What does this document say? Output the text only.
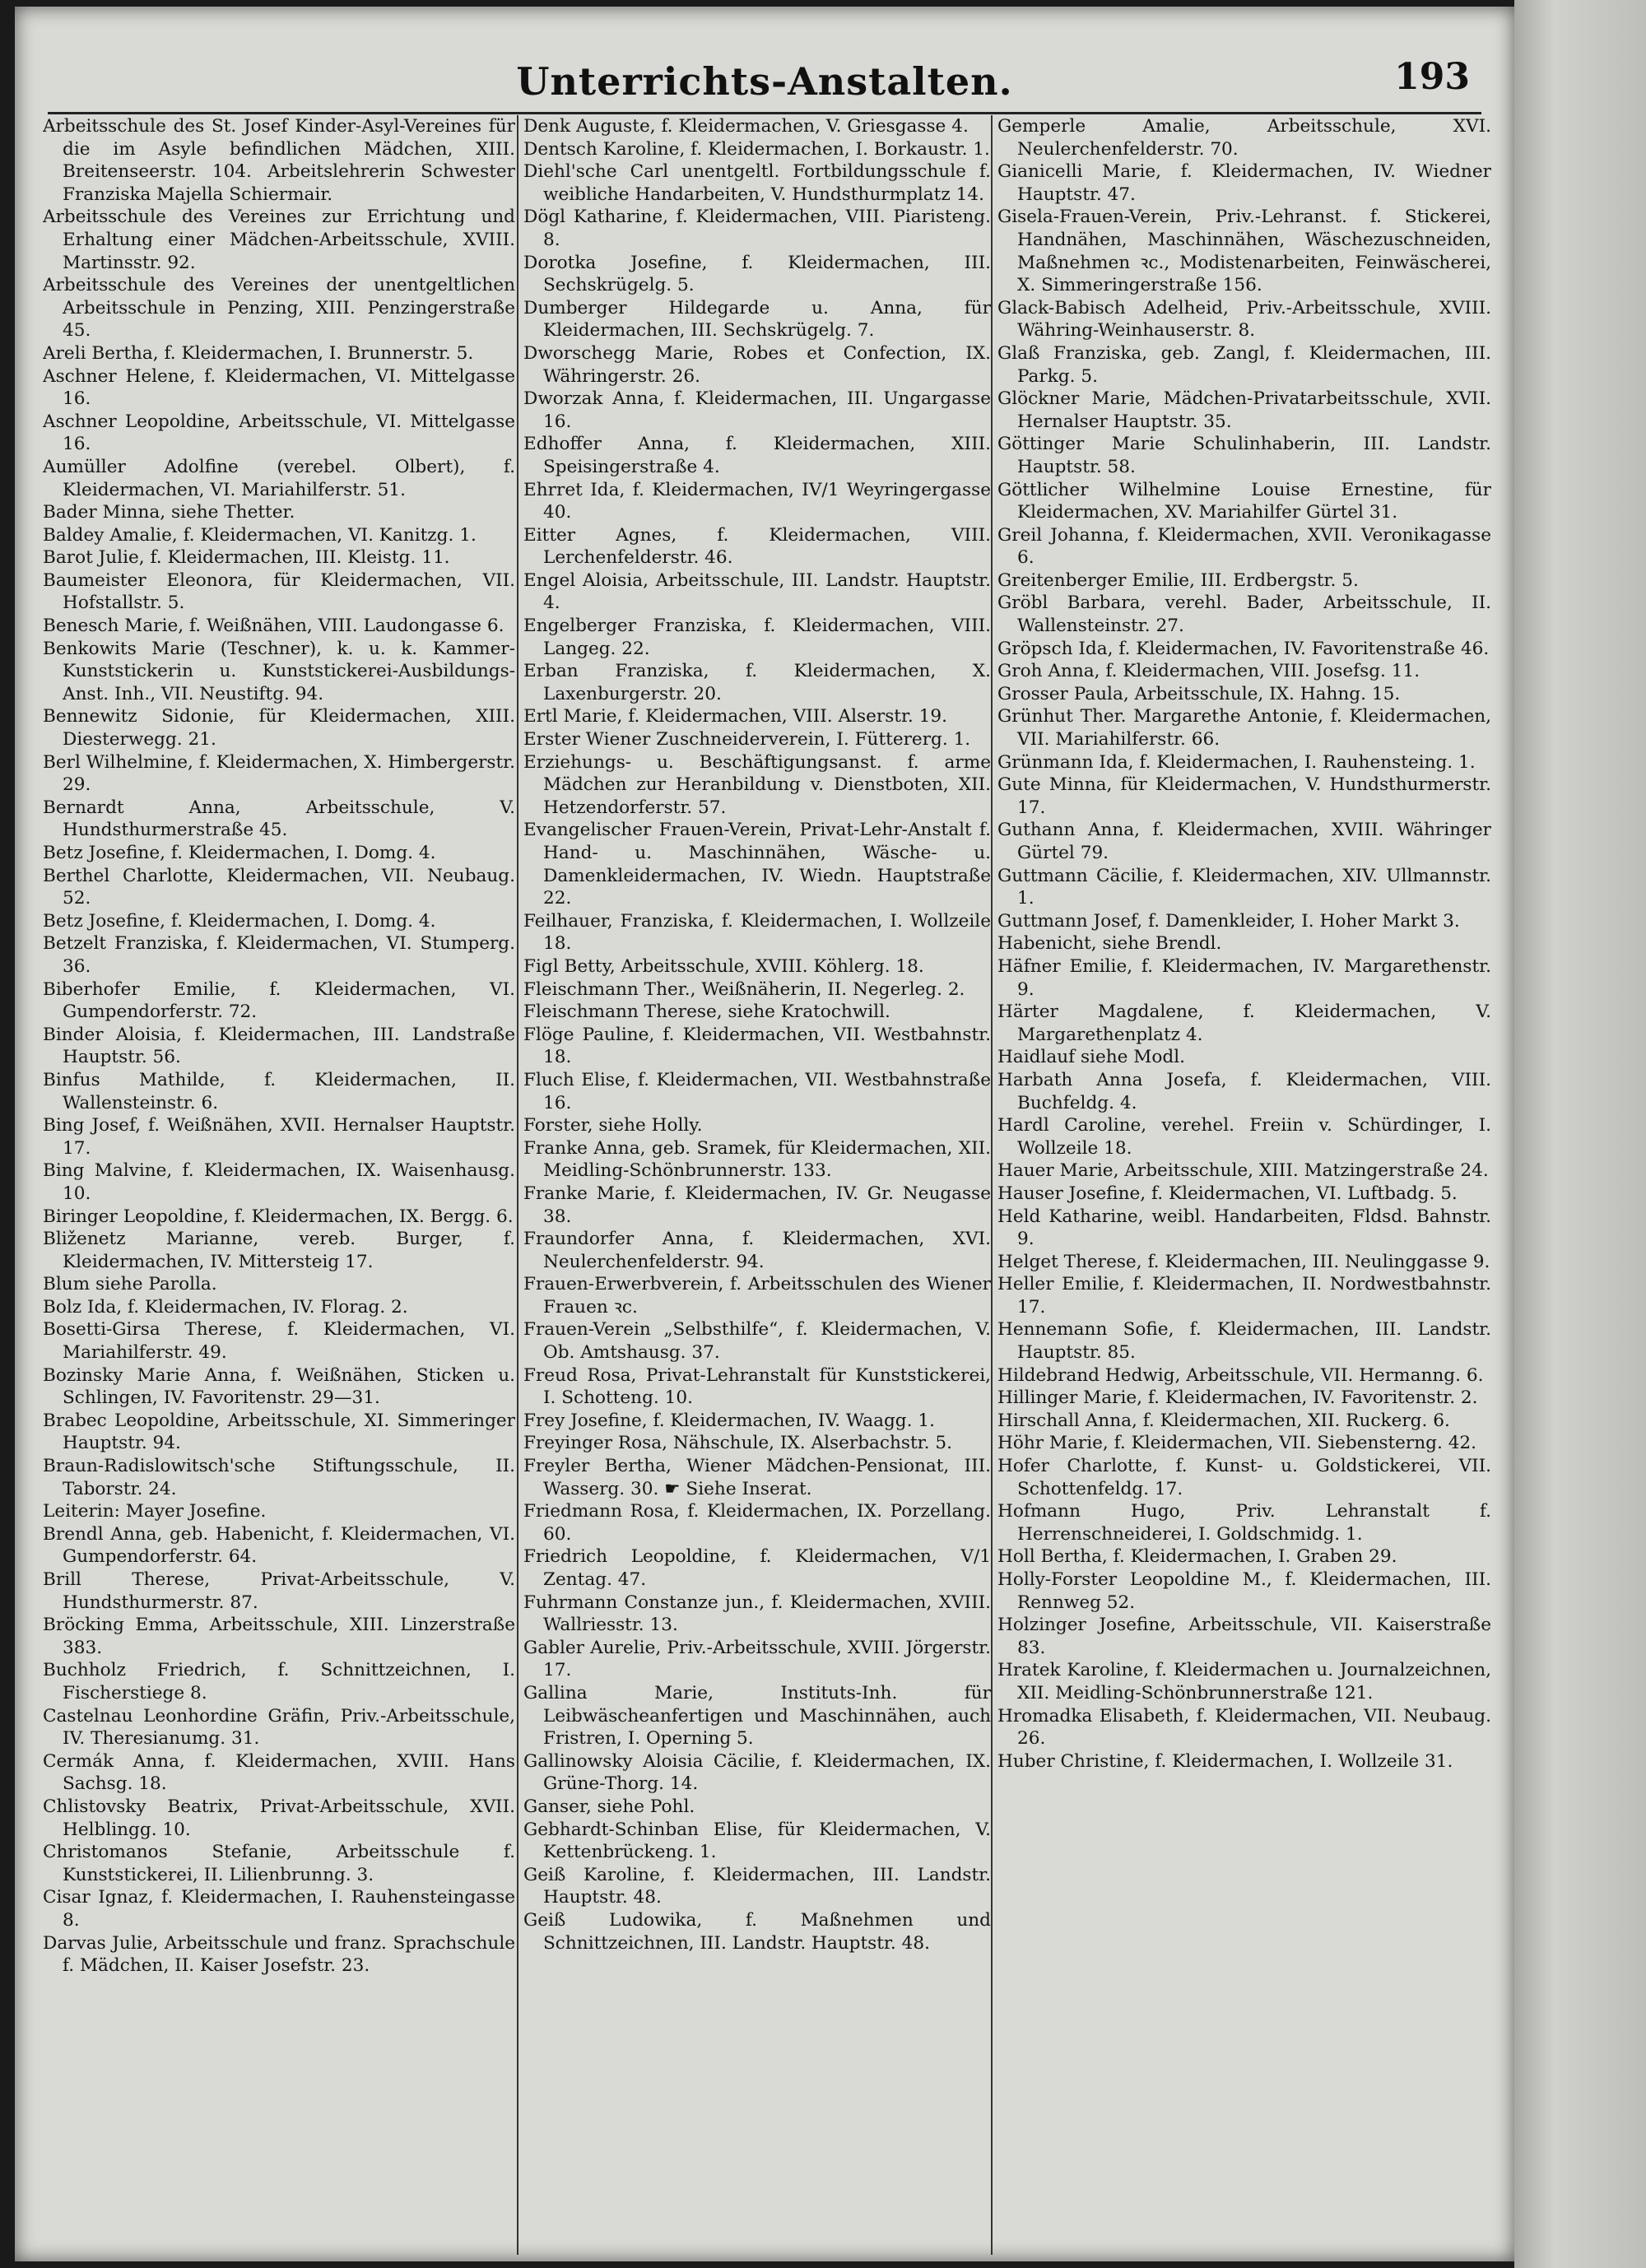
Unterrichts-Anstalten.	193
Arbeitsschule des St. Josef Kinder-Asyl-Vereines für die im Asyle befindlichen Mädchen, XIII. Breitenseerstr. 104. Arbeitslehrerin Schwester Franziska Majella Schiermair.
Arbeitsschule des Vereines zur Errichtung und Erhaltung einer Mädchen-Arbeitsschule, XVIII. Martinsstr. 92.
Arbeitsschule des Vereines der unentgeltlichen Arbeitsschule in Penzing, XIII. Penzingerstraße 45.
Areli Bertha, f. Kleidermachen, I. Brunnerstr. 5.
Aschner Helene, f. Kleidermachen, VI. Mittelgasse 16.
Aschner Leopoldine, Arbeitsschule, VI. Mittelgasse 16.
Aumüller Adolfine (verebel. Olbert), f. Kleidermachen, VI. Mariahilferstr. 51.
Bader Minna, siehe Thetter.
Baldey Amalie, f. Kleidermachen, VI. Kanitzg. 1.
Barot Julie, f. Kleidermachen, III. Kleistg. 11.
Baumeister Eleonora, für Kleidermachen, VII. Hofstallstr. 5.
Benesch Marie, f. Weißnähen, VIII. Laudongasse 6.
Benkowits Marie (Teschner), k. u. k. Kammer-Kunststickerin u. Kunststickerei-Ausbildungs-Anst. Inh., VII. Neustiftg. 94.
Bennewitz Sidonie, für Kleidermachen, XIII. Diesterwegg. 21.
Berl Wilhelmine, f. Kleidermachen, X. Himbergerstr. 29.
Bernardt Anna, Arbeitsschule, V. Hundsthurmerstraße 45.
Betz Josefine, f. Kleidermachen, I. Domg. 4.
Berthel Charlotte, Kleidermachen, VII. Neubaug. 52.
Betz Josefine, f. Kleidermachen, I. Domg. 4.
Betzelt Franziska, f. Kleidermachen, VI. Stumperg. 36.
Biberhofer Emilie, f. Kleidermachen, VI. Gumpendorferstr. 72.
Binder Aloisia, f. Kleidermachen, III. Landstraße Hauptstr. 56.
Binfus Mathilde, f. Kleidermachen, II. Wallensteinstr. 6.
Bing Josef, f. Weißnähen, XVII. Hernalser Hauptstr. 17.
Bing Malvine, f. Kleidermachen, IX. Waisenhausg. 10.
Biringer Leopoldine, f. Kleidermachen, IX. Bergg. 6.
Bliženetz Marianne, vereb. Burger, f. Kleidermachen, IV. Mittersteig 17.
Blum siehe Parolla.
Bolz Ida, f. Kleidermachen, IV. Florag. 2.
Bosetti-Girsa Therese, f. Kleidermachen, VI. Mariahilferstr. 49.
Bozinsky Marie Anna, f. Weißnähen, Sticken u. Schlingen, IV. Favoritenstr. 29—31.
Brabec Leopoldine, Arbeitsschule, XI. Simmeringer Hauptstr. 94.
Braun-Radislowitsch'sche Stiftungsschule, II. Taborstr. 24.
Leiterin: Mayer Josefine.
Brendl Anna, geb. Habenicht, f. Kleidermachen, VI. Gumpendorferstr. 64.
Brill Therese, Privat-Arbeitsschule, V. Hundsthurmerstr. 87.
Bröcking Emma, Arbeitsschule, XIII. Linzerstraße 383.
Buchholz Friedrich, f. Schnittzeichnen, I. Fischerstiege 8.
Castelnau Leonhordine Gräfin, Priv.-Arbeitsschule, IV. Theresianumg. 31.
Cermák Anna, f. Kleidermachen, XVIII. Hans Sachsg. 18.
Chlistovsky Beatrix, Privat-Arbeitsschule, XVII. Helblingg. 10.
Christomanos Stefanie, Arbeitsschule f. Kunststickerei, II. Lilienbrunng. 3.
Cisar Ignaz, f. Kleidermachen, I. Rauhensteingasse 8.
Darvas Julie, Arbeitsschule und franz. Sprachschule f. Mädchen, II. Kaiser Josefstr. 23.
Denk Auguste, f. Kleidermachen, V. Griesgasse 4.
Dentsch Karoline, f. Kleidermachen, I. Borkaustr. 1.
Diehl'sche Carl unentgeltl. Fortbildungsschule f. weibliche Handarbeiten, V. Hundsthurmplatz 14.
Dögl Katharine, f. Kleidermachen, VIII. Piaristeng. 8.
Dorotka Josefine, f. Kleidermachen, III. Sechskrügelg. 5.
Dumberger Hildegarde u. Anna, für Kleidermachen, III. Sechskrügelg. 7.
Dworschegg Marie, Robes et Confection, IX. Währingerstr. 26.
Dworzak Anna, f. Kleidermachen, III. Ungargasse 16.
Edhoffer Anna, f. Kleidermachen, XIII. Speisingerstraße 4.
Ehrret Ida, f. Kleidermachen, IV/1 Weyringergasse 40.
Eitter Agnes, f. Kleidermachen, VIII. Lerchenfelderstr. 46.
Engel Aloisia, Arbeitsschule, III. Landstr. Hauptstr. 4.
Engelberger Franziska, f. Kleidermachen, VIII. Langeg. 22.
Erban Franziska, f. Kleidermachen, X. Laxenburgerstr. 20.
Ertl Marie, f. Kleidermachen, VIII. Alserstr. 19.
Erster Wiener Zuschneiderverein, I. Füttererg. 1.
Erziehungs- u. Beschäftigungsanst. f. arme Mädchen zur Heranbildung v. Dienstboten, XII. Hetzendorferstr. 57.
Evangelischer Frauen-Verein, Privat-Lehr-Anstalt f. Hand- u. Maschinnähen, Wäsche- u. Damenkleidermachen, IV. Wiedn. Hauptstraße 22.
Feilhauer, Franziska, f. Kleidermachen, I. Wollzeile 18.
Figl Betty, Arbeitsschule, XVIII. Köhlerg. 18.
Fleischmann Ther., Weißnäherin, II. Negerleg. 2.
Fleischmann Therese, siehe Kratochwill.
Flöge Pauline, f. Kleidermachen, VII. Westbahnstr. 18.
Fluch Elise, f. Kleidermachen, VII. Westbahnstraße 16.
Forster, siehe Holly.
Franke Anna, geb. Sramek, für Kleidermachen, XII. Meidling-Schönbrunnerstr. 133.
Franke Marie, f. Kleidermachen, IV. Gr. Neugasse 38.
Fraundorfer Anna, f. Kleidermachen, XVI. Neulerchenfelderstr. 94.
Frauen-Erwerbverein, f. Arbeitsschulen des Wiener Frauen ꝛc.
Frauen-Verein „Selbsthilfe“, f. Kleidermachen, V. Ob. Amtshausg. 37.
Freud Rosa, Privat-Lehranstalt für Kunststickerei, I. Schotteng. 10.
Frey Josefine, f. Kleidermachen, IV. Waagg. 1.
Freyinger Rosa, Nähschule, IX. Alserbachstr. 5.
Freyler Bertha, Wiener Mädchen-Pensionat, III. Wasserg. 30. ☛ Siehe Inserat.
Friedmann Rosa, f. Kleidermachen, IX. Porzellang. 60.
Friedrich Leopoldine, f. Kleidermachen, V/1 Zentag. 47.
Fuhrmann Constanze jun., f. Kleidermachen, XVIII. Wallriesstr. 13.
Gabler Aurelie, Priv.-Arbeitsschule, XVIII. Jörgerstr. 17.
Gallina Marie, Instituts-Inh. für Leibwäscheanfertigen und Maschinnähen, auch Fristren, I. Operning 5.
Gallinowsky Aloisia Cäcilie, f. Kleidermachen, IX. Grüne-Thorg. 14.
Ganser, siehe Pohl.
Gebhardt-Schinban Elise, für Kleidermachen, V. Kettenbrückeng. 1.
Geiß Karoline, f. Kleidermachen, III. Landstr. Hauptstr. 48.
Geiß Ludowika, f. Maßnehmen und Schnittzeichnen, III. Landstr. Hauptstr. 48.
Gemperle Amalie, Arbeitsschule, XVI. Neulerchenfelderstr. 70.
Gianicelli Marie, f. Kleidermachen, IV. Wiedner Hauptstr. 47.
Gisela-Frauen-Verein, Priv.-Lehranst. f. Stickerei, Handnähen, Maschinnähen, Wäschezuschneiden, Maßnehmen ꝛc., Modistenarbeiten, Feinwäscherei, X. Simmeringerstraße 156.
Glack-Babisch Adelheid, Priv.-Arbeitsschule, XVIII. Währing-Weinhauserstr. 8.
Glaß Franziska, geb. Zangl, f. Kleidermachen, III. Parkg. 5.
Glöckner Marie, Mädchen-Privatarbeitsschule, XVII. Hernalser Hauptstr. 35.
Göttinger Marie Schulinhaberin, III. Landstr. Hauptstr. 58.
Göttlicher Wilhelmine Louise Ernestine, für Kleidermachen, XV. Mariahilfer Gürtel 31.
Greil Johanna, f. Kleidermachen, XVII. Veronikagasse 6.
Greitenberger Emilie, III. Erdbergstr. 5.
Gröbl Barbara, verehl. Bader, Arbeitsschule, II. Wallensteinstr. 27.
Gröpsch Ida, f. Kleidermachen, IV. Favoritenstraße 46.
Groh Anna, f. Kleidermachen, VIII. Josefsg. 11.
Grosser Paula, Arbeitsschule, IX. Hahng. 15.
Grünhut Ther. Margarethe Antonie, f. Kleidermachen, VII. Mariahilferstr. 66.
Grünmann Ida, f. Kleidermachen, I. Rauhensteing. 1.
Gute Minna, für Kleidermachen, V. Hundsthurmerstr. 17.
Guthann Anna, f. Kleidermachen, XVIII. Währinger Gürtel 79.
Guttmann Cäcilie, f. Kleidermachen, XIV. Ullmannstr. 1.
Guttmann Josef, f. Damenkleider, I. Hoher Markt 3.
Habenicht, siehe Brendl.
Häfner Emilie, f. Kleidermachen, IV. Margarethenstr. 9.
Härter Magdalene, f. Kleidermachen, V. Margarethenplatz 4.
Haidlauf siehe Modl.
Harbath Anna Josefa, f. Kleidermachen, VIII. Buchfeldg. 4.
Hardl Caroline, verehel. Freiin v. Schürdinger, I. Wollzeile 18.
Hauer Marie, Arbeitsschule, XIII. Matzingerstraße 24.
Hauser Josefine, f. Kleidermachen, VI. Luftbadg. 5.
Held Katharine, weibl. Handarbeiten, Fldsd. Bahnstr. 9.
Helget Therese, f. Kleidermachen, III. Neulinggasse 9.
Heller Emilie, f. Kleidermachen, II. Nordwestbahnstr. 17.
Hennemann Sofie, f. Kleidermachen, III. Landstr. Hauptstr. 85.
Hildebrand Hedwig, Arbeitsschule, VII. Hermanng. 6.
Hillinger Marie, f. Kleidermachen, IV. Favoritenstr. 2.
Hirschall Anna, f. Kleidermachen, XII. Ruckerg. 6.
Höhr Marie, f. Kleidermachen, VII. Siebensterng. 42.
Hofer Charlotte, f. Kunst- u. Goldstickerei, VII. Schottenfeldg. 17.
Hofmann Hugo, Priv. Lehranstalt f. Herrenschneiderei, I. Goldschmidg. 1.
Holl Bertha, f. Kleidermachen, I. Graben 29.
Holly-Forster Leopoldine M., f. Kleidermachen, III. Rennweg 52.
Holzinger Josefine, Arbeitsschule, VII. Kaiserstraße 83.
Hratek Karoline, f. Kleidermachen u. Journalzeichnen, XII. Meidling-Schönbrunnerstraße 121.
Hromadka Elisabeth, f. Kleidermachen, VII. Neubaug. 26.
Huber Christine, f. Kleidermachen, I. Wollzeile 31.
